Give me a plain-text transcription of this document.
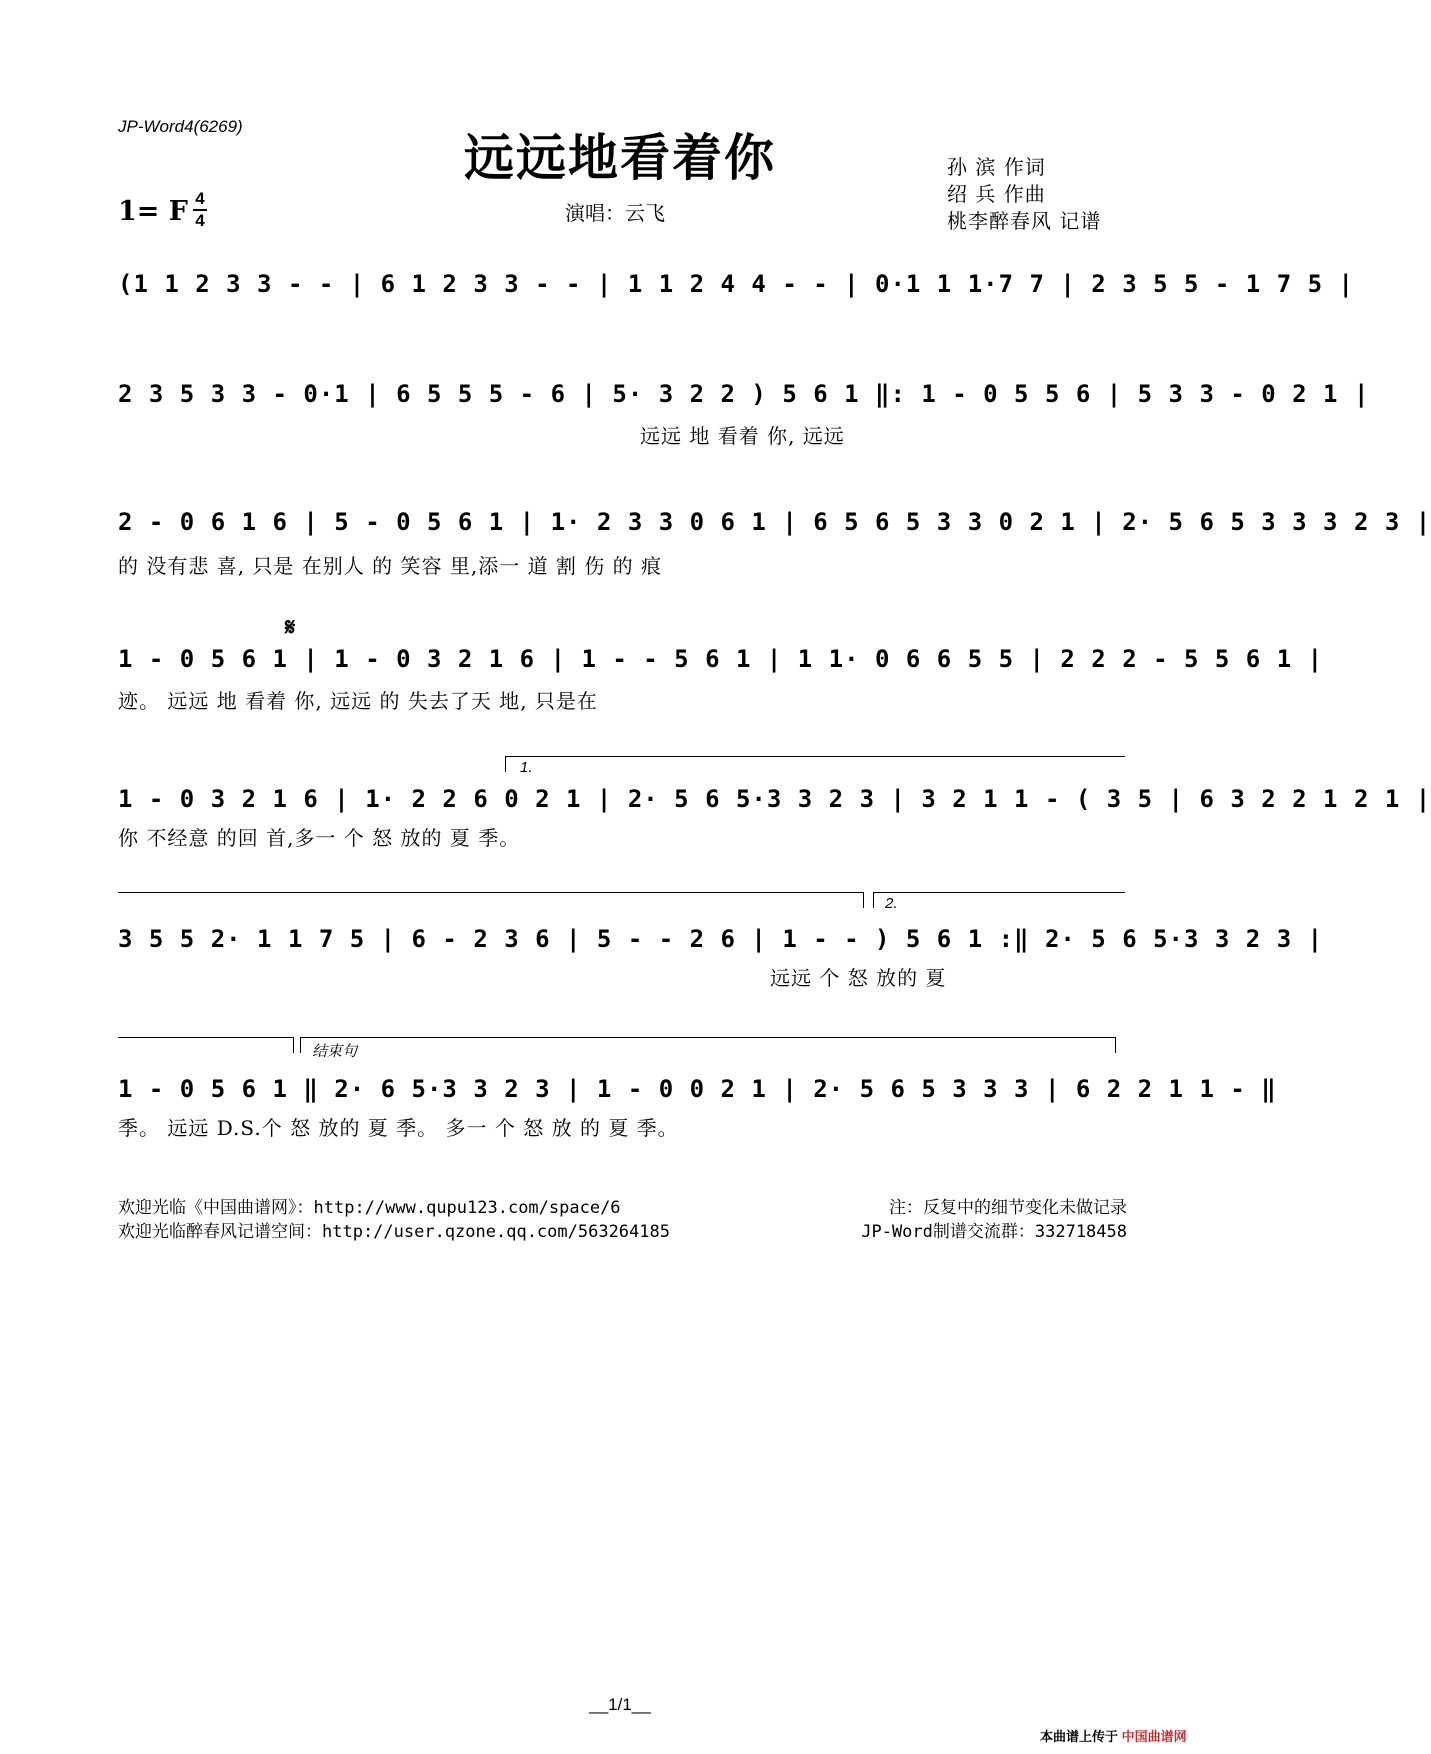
JP-Word4(6269)
远远地看着你
1= F 4
4	演唱：云飞
孙 滨 作词
绍 兵 作曲
桃李醉春风 记谱
(1 1 2 3 3 - - | 6 1 2 3 3 - - | 1 1 2 4 4 - - | 0·1 1 1·7 7 | 2 3 5 5 - 1 7 5 |
2 3 5 3 3 - 0·1 | 6 5 5 5 - 6 | 5· 3 2 2 ) 5 6 1 ‖: 1 - 0 5 5 6 | 5 3 3 - 0 2 1 |
远远 地 看着 你, 远远
2 - 0 6 1 6 | 5 - 0 5 6 1 | 1· 2 3 3 0 6 1 | 6 5 6 5 3 3 0 2 1 | 2· 5 6 5 3 3 3 2 3 |
的 没有悲 喜, 只是 在别人 的 笑容 里,添一 道 割 伤 的 痕
𝄋
1 - 0 5 6 1 | 1 - 0 3 2 1 6 | 1 - - 5 6 1 | 1 1· 0 6 6 5 5 | 2 2 2 - 5 5 6 1 |
迹。 远远 地 看着 你, 远远 的 失去了天 地, 只是在
1.
1 - 0 3 2 1 6 | 1· 2 2 6 0 2 1 | 2· 5 6 5·3 3 2 3 | 3 2 1 1 - ( 3 5 | 6 3 2 2 1 2 1 |
你 不经意 的回 首,多一 个 怒 放的 夏 季。
2.
3 5 5 2· 1 1 7 5 | 6 - 2 3 6 | 5 - - 2 6 | 1 - - ) 5 6 1 :‖ 2· 5 6 5·3 3 2 3 |
远远 个 怒 放的 夏
结束句
1 - 0 5 6 1 ‖ 2· 6 5·3 3 2 3 | 1 - 0 0 2 1 | 2· 5 6 5 3 3 3 | 6 2 2 1 1 - ‖
季。 远远 D.S.个 怒 放的 夏 季。 多一 个 怒 放 的 夏 季。
欢迎光临《中国曲谱网》：http://www.qupu123.com/space/6
欢迎光临醉春风记谱空间：http://user.qzone.qq.com/563264185
注：反复中的细节变化未做记录
JP-Word制谱交流群：332718458
__1/1__
本曲谱上传于 中国曲谱网
